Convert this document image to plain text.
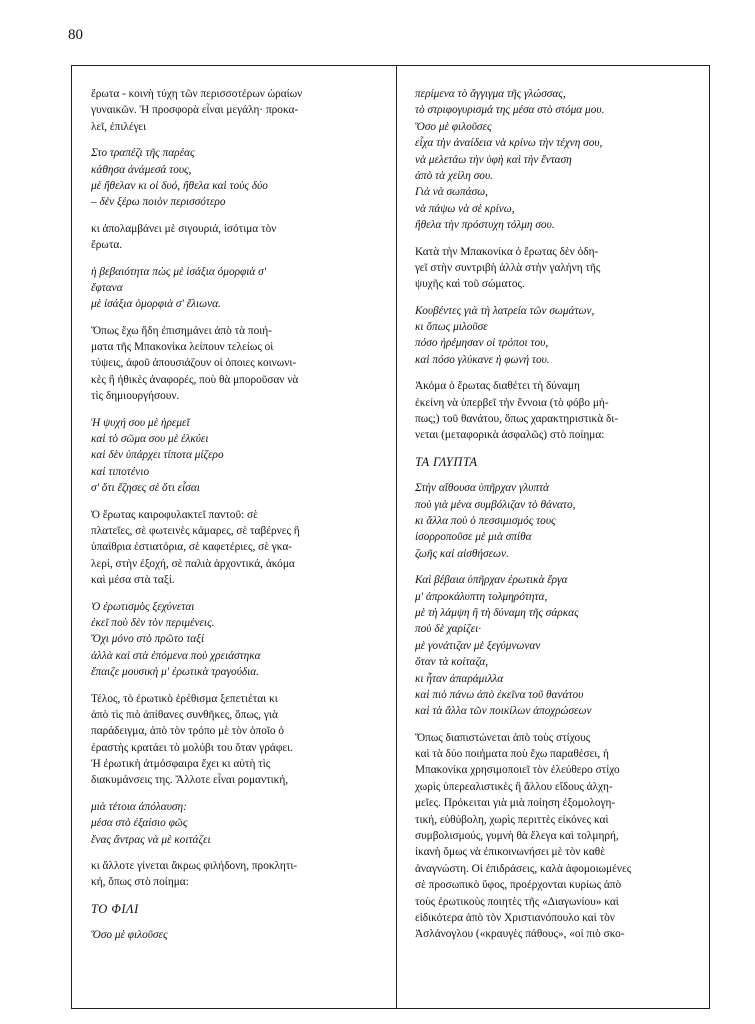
80
ἔρωτα - κοινὴ τύχη τῶν περισσοτέρων ὡραίων
γυναικῶν. Ἡ προσφορὰ εἶναι μεγάλη· προκα-
λεῖ, ἐπιλέγει
Στο τραπέζι τῆς παρέας
κάθησα ἀνάμεσά τους,
μὲ ἤθελαν κι οἱ δυό, ἤθελα καὶ τοὺς δύο
– δὲν ξέρω ποιὸν περισσότερο
κι ἀπολαμβάνει μὲ σιγουριά, ἰσότιμα τὸν
ἔρωτα.
ἡ βεβαιότητα πὼς μὲ ἰσάξια ὀμορφιὰ σ'
ἔφτανα
μὲ ἰσάξια ὀμορφιὰ σ' ἔλιωνα.
Ὅπως ἔχω ἤδη ἐπισημάνει ἀπὸ τὰ ποιή-
ματα τῆς Μπακονίκα λείπουν τελείως οἱ
τύψεις, ἀφοῦ ἀπουσιάζουν οἱ ὁποιες κοινωνι-
κὲς ἢ ἠθικὲς ἀναφορές, ποὺ θὰ μποροῦσαν νὰ
τὶς δημιουργήσουν.
Ἡ ψυχή σου μὲ ἠρεμεῖ
καὶ τὸ σῶμα σου μὲ ἑλκύει
καὶ δὲν ὑπάρχει τίποτα μίζερο
καὶ τιποτένιο
σ' ὅτι ἔζησες σὲ ὅτι εἶσαι
Ὁ ἔρωτας καιροφυλακτεῖ παντοῦ: σὲ
πλατεῖες, σὲ φωτεινὲς κάμαρες, σὲ ταβέρνες ἢ
ὑπαίθρια ἑστιατόρια, σὲ καφετέριες, σὲ γκα-
λερί, στὴν ἐξοχή, σὲ παλιὰ ἀρχοντικά, ἀκόμα
καὶ μέσα στὰ ταξί.
Ὁ ἐρωτισμὸς ξεχύνεται
ἐκεῖ ποὺ δὲν τὸν περιμένεις.
Ὄχι μόνο στὸ πρῶτο ταξί
ἀλλὰ καὶ στὰ ἑπόμενα ποὺ χρειάστηκα
ἔπαιζε μουσικὴ μ' ἐρωτικὰ τραγούδια.
Τέλος, τὸ ἐρωτικὸ ἐρέθισμα ξεπετιέται κι
ἀπὸ τὶς πιὸ ἀπίθανες συνθῆκες, ὅπως, γιὰ
παράδειγμα, ἀπὸ τὸν τρόπο μὲ τὸν ὁποῖο ὁ
ἐραστὴς κρατάει τὸ μολύβι του ὅταν γράφει.
Ἡ ἐρωτικὴ ἀτμόσφαιρα ἔχει κι αὐτὴ τὶς
διακυμάνσεις της. Ἄλλοτε εἶναι ρομαντική,
μιὰ τέτοια ἀπόλαυση:
μέσα στὸ ἐξαίσιο φῶς
ἕνας ἄντρας νὰ μὲ κοιτάζει
κι ἄλλοτε γίνεται ἄκρως φιλήδονη, προκλητι-
κή, ὅπως στὸ ποίημα:
ΤΟ ΦΙΛΙ
Ὅσο μὲ φιλοῦσες
περίμενα τὸ ἄγγιγμα τῆς γλώσσας,
τὸ στριφογυρισμά της μέσα στὸ στόμα μου.
Ὅσο μὲ φιλοῦσες
εἶχα τὴν ἀναίδεια νὰ κρίνω τὴν τέχνη σου,
νὰ μελετάω τὴν ὑφὴ καὶ τὴν ἔνταση
ἀπὸ τὰ χείλη σου.
Γιὰ νὰ σωπάσω,
νὰ πάψω νὰ σὲ κρίνω,
ἤθελα τὴν πρόστυχη τόλμη σου.
Κατὰ τὴν Μπακονίκα ὁ ἔρωτας δὲν ὁδη-
γεῖ στὴν συντριβὴ ἀλλὰ στὴν γαλήνη τῆς
ψυχῆς καὶ τοῦ σώματος.
Κουβέντες γιὰ τὴ λατρεία τῶν σωμάτων,
κι ὅπως μιλοῦσε
πόσο ἠρέμησαν οἱ τρόποι του,
καὶ πόσο γλύκανε ἡ φωνή του.
Ἀκόμα ὁ ἔρωτας διαθέτει τὴ δύναμη
ἐκείνη νὰ ὑπερβεῖ τὴν ἔννοια (τὸ φόβο μή-
πως;) τοῦ θανάτου, ὅπως χαρακτηριστικὰ δι-
νεται (μεταφορικὰ ἀσφαλῶς) στὸ ποίημα:
ΤΑ ΓΛΥΠΤΑ
Στὴν αἴθουσα ὑπῆρχαν γλυπτὰ
ποὺ γιὰ μένα συμβόλιζαν τὸ θάνατο,
κι ἄλλα ποὺ ὁ πεσσιμισμός τους
ἰσορροποῦσε μὲ μιὰ σπίθα
ζωῆς καὶ αἰσθήσεων.
Καὶ βέβαια ὑπῆρχαν ἐρωτικὰ ἔργα
μ' ἀπροκάλυπτη τολμηρότητα,
μὲ τὴ λάμψη ἢ τὴ δύναμη τῆς σάρκας
ποὺ δὲ χαρίζει·
μὲ γονάτιζαν μὲ ξεγύμνωναν
ὅταν τὰ κοίταζα,
κι ἦταν ἀπαράμιλλα
καὶ πιὸ πάνω ἀπὸ ἐκεῖνα τοῦ θανάτου
καὶ τὰ ἄλλα τῶν ποικίλων ἀποχρώσεων
Ὅπως διαπιστώνεται ἀπὸ τοὺς στίχους
καὶ τὰ δύο ποιήματα ποὺ ἔχω παραθέσει, ἡ
Μπακονίκα χρησιμοποιεῖ τὸν ἐλεύθερο στίχο
χωρὶς ὑπερεαλιστικὲς ἢ ἄλλου εἴδους ἀλχη-
μεῖες. Πρόκειται γιὰ μιὰ ποίηση ἐξομολογη-
τική, εὐθύβολη, χωρὶς περιττὲς εἰκόνες καὶ
συμβολισμούς, γυμνὴ θὰ ἔλεγα καὶ τολμηρή,
ἱκανὴ ὅμως νὰ ἐπικοινωνήσει μὲ τὸν καθὲ
ἀναγνώστη. Οἱ ἐπιδράσεις, καλὰ ἀφομοιωμένες
σὲ προσωπικὸ ὕφος, προέρχονται κυρίως ἀπὸ
τοὺς ἐρωτικοὺς ποιητὲς τῆς «Διαγωνίου» καὶ
εἰδικότερα ἀπὸ τὸν Χριστιανόπουλο καὶ τὸν
Ἀσλάνογλου («κραυγὲς πάθους», «οἱ πιὸ σκο-
